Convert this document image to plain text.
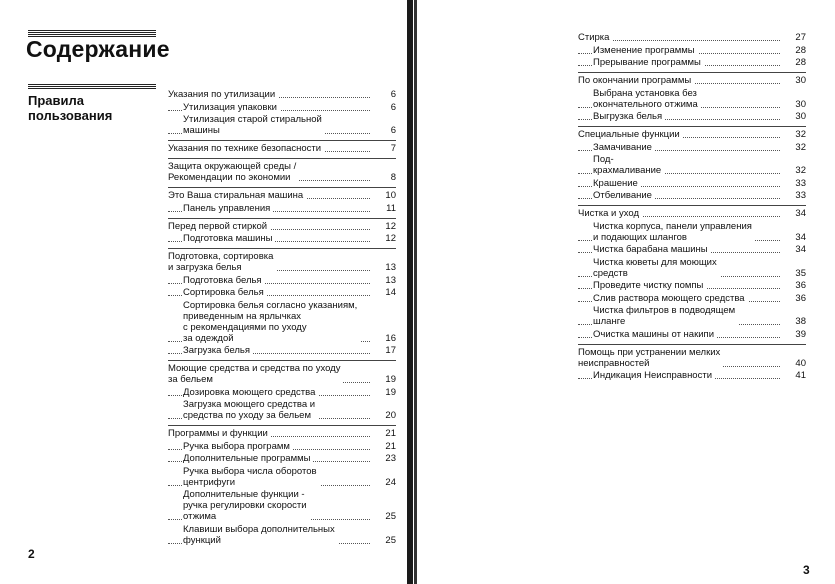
Содержание
Правила пользования
Указания по утилизации	6
Утилизация упаковки	6
Утилизация старой стиральной
машины	6
Указания по технике безопасности	7
Защита окружающей среды /
Рекомендации по экономии	8
Это Ваша стиральная машина	10
Панель управления	11
Перед первой стиркой	12
Подготовка машины	12
Подготовка, сортировка
и загрузка белья	13
Подготовка белья	13
Сортировка белья	14
Сортировка белья согласно указаниям,
приведенным на ярлычках
с рекомендациями по уходу
за одеждой	16
Загрузка белья	17
Моющие средства и средства по уходу
за бельем	19
Дозировка моющего средства	19
Загрузка моющего средства и
средства по уходу за бельем	20
Программы и функции	21
Ручка выбора программ	21
Дополнительные программы	23
Ручка выбора числа оборотов
центрифуги	24
Дополнительные функции -
ручка регулировки скорости
отжима	25
Клавиши выбора дополнительных
функций	25
Стирка	27
Изменение программы	28
Прерывание программы	28
По окончании программы	30
Выбрана установка без
окончательного отжима	30
Выгрузка белья	30
Специальные функции	32
Замачивание	32
Под-
крахмаливание	32
Крашение	33
Отбеливание	33
Чистка и уход	34
Чистка корпуса, панели управления
и подающих шлангов	34
Чистка барабана машины	34
Чистка кюветы для моющих
средств	35
Проведите чистку помпы	36
Слив раствора моющего средства	36
Чистка фильтров в подводящем
шланге	38
Очистка машины от накипи	39
Помощь при устранении мелких
неисправностей	40
Индикация Неисправности	41
2
3
